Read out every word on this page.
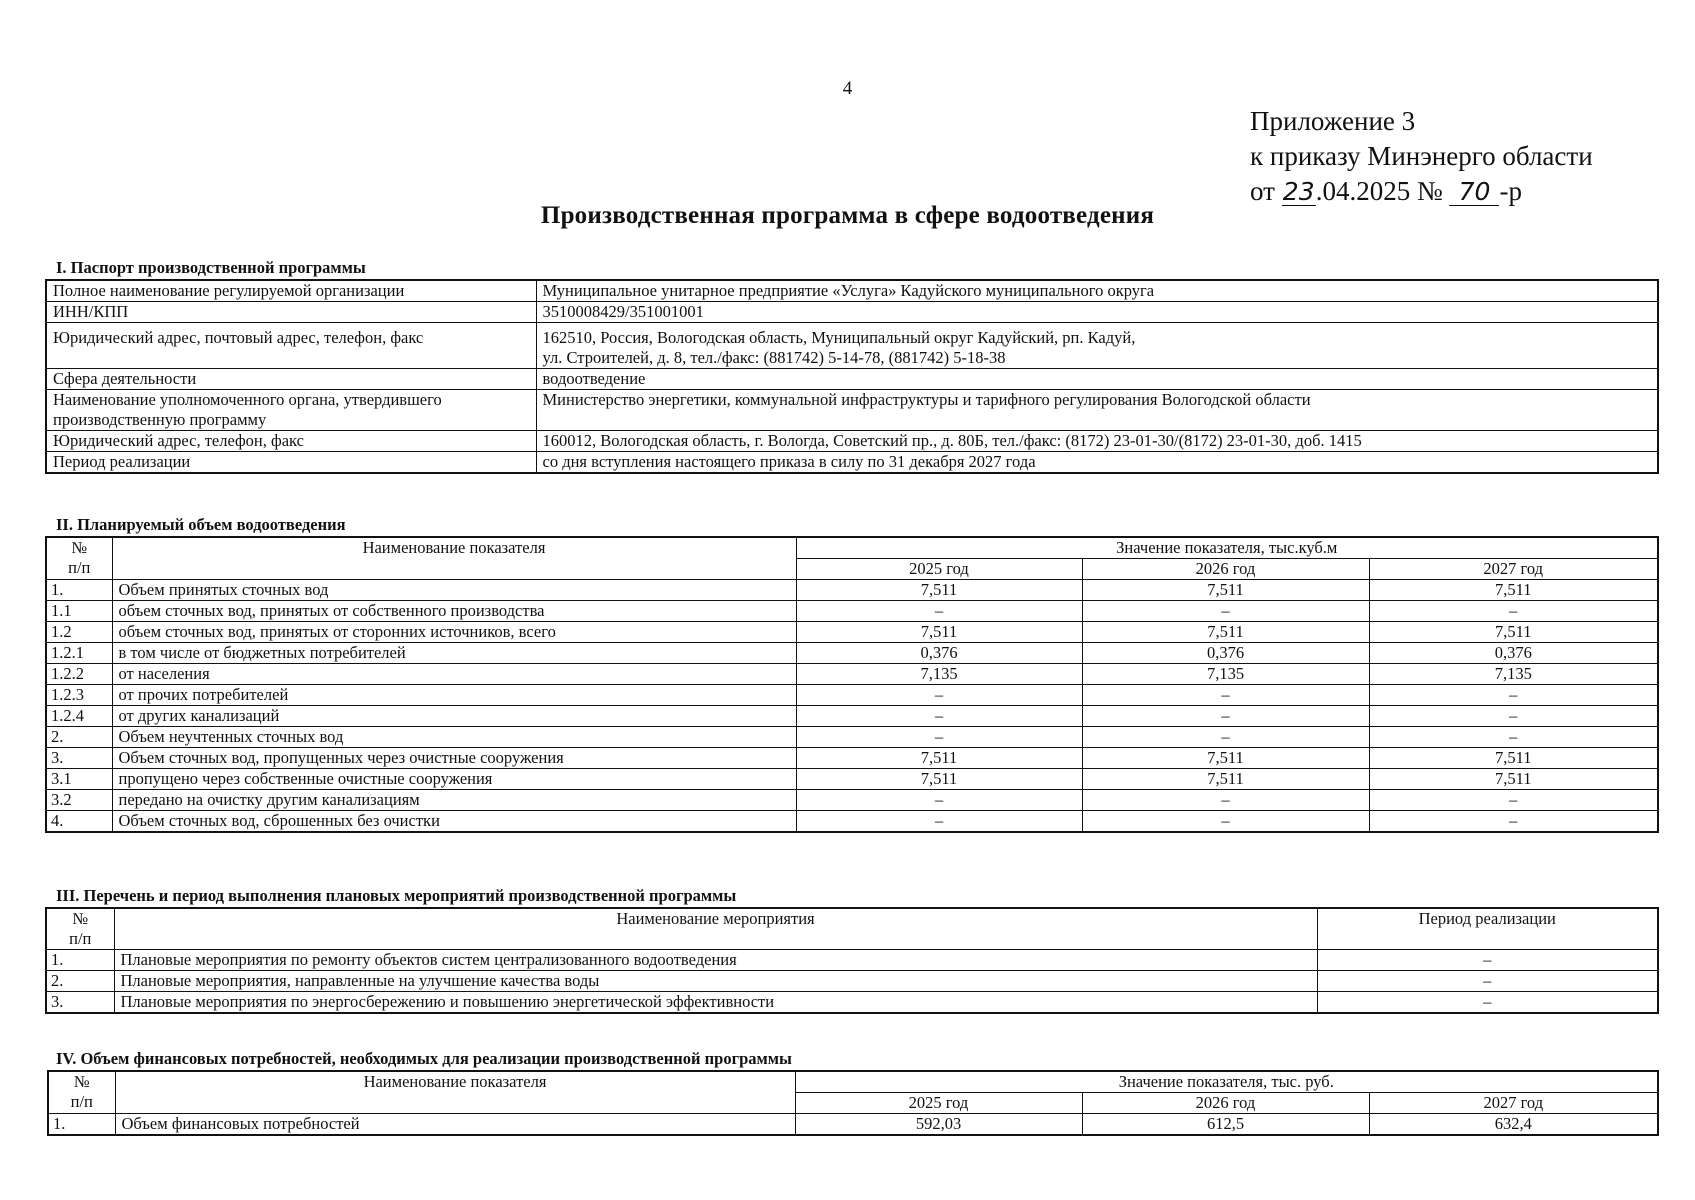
4
Приложение 3
к приказу Минэнерго области
от 23.04.2025 № 70 -р
Производственная программа в сфере водоотведения
I. Паспорт производственной программы
Полное наименование регулируемой организации	Муниципальное унитарное предприятие «Услуга» Кадуйского муниципального округа
ИНН/КПП	3510008429/351001001
Юридический адрес, почтовый адрес, телефон, факс	162510, Россия, Вологодская область, Муниципальный округ Кадуйский, рп. Кадуй,
ул. Строителей, д. 8, тел./факс: (881742) 5-14-78, (881742) 5-18-38

Сфера деятельности	водоотведение

Наименование уполномоченного органа, утвердившего
производственную программу	Министерство энергетики, коммунальной инфраструктуры и тарифного регулирования Вологодской области
Юридический адрес, телефон, факс	160012, Вологодская область, г. Вологда, Советский пр., д. 80Б, тел./факс: (8172) 23-01-30/(8172) 23-01-30, доб. 1415
Период реализации	со дня вступления настоящего приказа в силу по 31 декабря 2027 года
II. Планируемый объем водоотведения
№
п/п	Наименование показателя	Значение показателя, тыс.куб.м		
		2025 год	2026 год	2027 год
1.	Объем принятых сточных вод	7,511	7,511	7,511
1.1	объем сточных вод, принятых от собственного производства	–	–	–
1.2	объем сточных вод, принятых от сторонних источников, всего	7,511	7,511	7,511
1.2.1	в том числе от бюджетных потребителей	0,376	0,376	0,376
1.2.2	от населения	7,135	7,135	7,135
1.2.3	от прочих потребителей	–	–	–
1.2.4	от других канализаций	–	–	–
2.	Объем неучтенных сточных вод	–	–	–
3.	Объем сточных вод, пропущенных через очистные сооружения	7,511	7,511	7,511
3.1	пропущено через собственные очистные сооружения	7,511	7,511	7,511
3.2	передано на очистку другим канализациям	–	–	–
4.	Объем сточных вод, сброшенных без очистки	–	–	–
III. Перечень и период выполнения плановых мероприятий производственной программы
№
п/п	Наименование мероприятия	Период реализации
1.	Плановые мероприятия по ремонту объектов систем централизованного водоотведения	–
2.	Плановые мероприятия, направленные на улучшение качества воды	–
3.	Плановые мероприятия по энергосбережению и повышению энергетической эффективности	–
IV. Объем финансовых потребностей, необходимых для реализации производственной программы
№
п/п	Наименование показателя	Значение показателя, тыс. руб.		
		2025 год	2026 год	2027 год
1.	Объем финансовых потребностей	592,03	612,5	632,4
